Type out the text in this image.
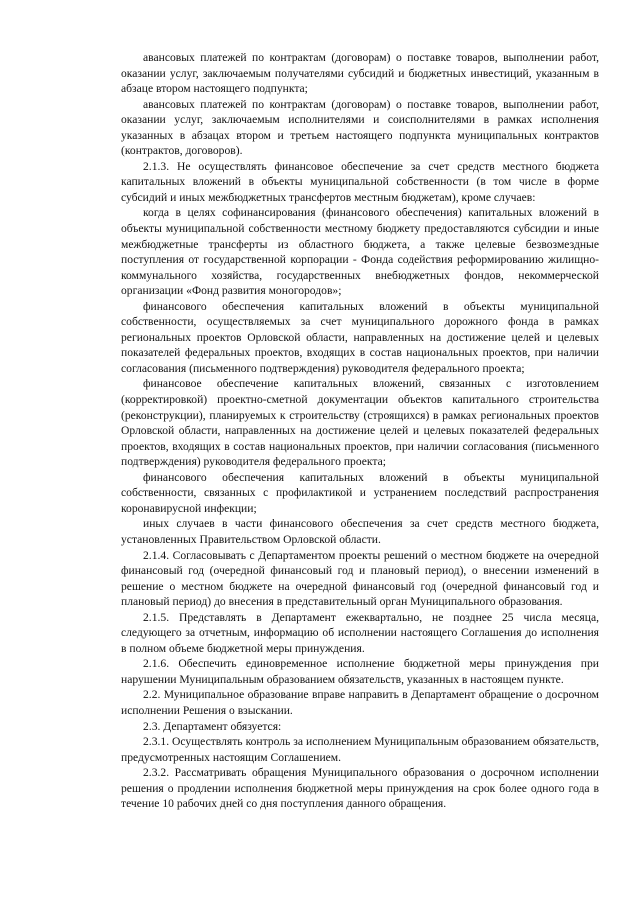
авансовых платежей по контрактам (договорам) о поставке товаров, выполнении работ, оказании услуг, заключаемым получателями субсидий и бюджетных инвестиций, указанным в абзаце втором настоящего подпункта;

авансовых платежей по контрактам (договорам) о поставке товаров, выполнении работ, оказании услуг, заключаемым исполнителями и соисполнителями в рамках исполнения указанных в абзацах втором и третьем настоящего подпункта муниципальных контрактов (контрактов, договоров).

2.1.3. Не осуществлять финансовое обеспечение за счет средств местного бюджета капитальных вложений в объекты муниципальной собственности (в том числе в форме субсидий и иных межбюджетных трансфертов местным бюджетам), кроме случаев:

когда в целях софинансирования (финансового обеспечения) капитальных вложений в объекты муниципальной собственности местному бюджету предоставляются субсидии и иные межбюджетные трансферты из областного бюджета, а также целевые безвозмездные поступления от государственной корпорации - Фонда содействия реформированию жилищно-коммунального хозяйства, государственных внебюджетных фондов, некоммерческой организации «Фонд развития моногородов»;

финансового обеспечения капитальных вложений в объекты муниципальной собственности, осуществляемых за счет муниципального дорожного фонда в рамках региональных проектов Орловской области, направленных на достижение целей и целевых показателей федеральных проектов, входящих в состав национальных проектов, при наличии согласования (письменного подтверждения) руководителя федерального проекта;

финансовое обеспечение капитальных вложений, связанных с изготовлением (корректировкой) проектно-сметной документации объектов капитального строительства (реконструкции), планируемых к строительству (строящихся) в рамках региональных проектов Орловской области, направленных на достижение целей и целевых показателей федеральных проектов, входящих в состав национальных проектов, при наличии согласования (письменного подтверждения) руководителя федерального проекта;

финансового обеспечения капитальных вложений в объекты муниципальной собственности, связанных с профилактикой и устранением последствий распространения коронавирусной инфекции;

иных случаев в части финансового обеспечения за счет средств местного бюджета, установленных Правительством Орловской области.

2.1.4. Согласовывать с Департаментом проекты решений о местном бюджете на очередной финансовый год (очередной финансовый год и плановый период), о внесении изменений в решение о местном бюджете на очередной финансовый год (очередной финансовый год и плановый период) до внесения в представительный орган Муниципального образования.

2.1.5. Представлять в Департамент ежеквартально, не позднее 25 числа месяца, следующего за отчетным, информацию об исполнении настоящего Соглашения до исполнения в полном объеме бюджетной меры принуждения.

2.1.6. Обеспечить единовременное исполнение бюджетной меры принуждения при нарушении Муниципальным образованием обязательств, указанных в настоящем пункте.

2.2. Муниципальное образование вправе направить в Департамент обращение о досрочном исполнении Решения о взыскании.

2.3. Департамент обязуется:

2.3.1. Осуществлять контроль за исполнением Муниципальным образованием обязательств, предусмотренных настоящим Соглашением.

2.3.2. Рассматривать обращения Муниципального образования о досрочном исполнении решения о продлении исполнения бюджетной меры принуждения на срок более одного года в течение 10 рабочих дней со дня поступления данного обращения.
